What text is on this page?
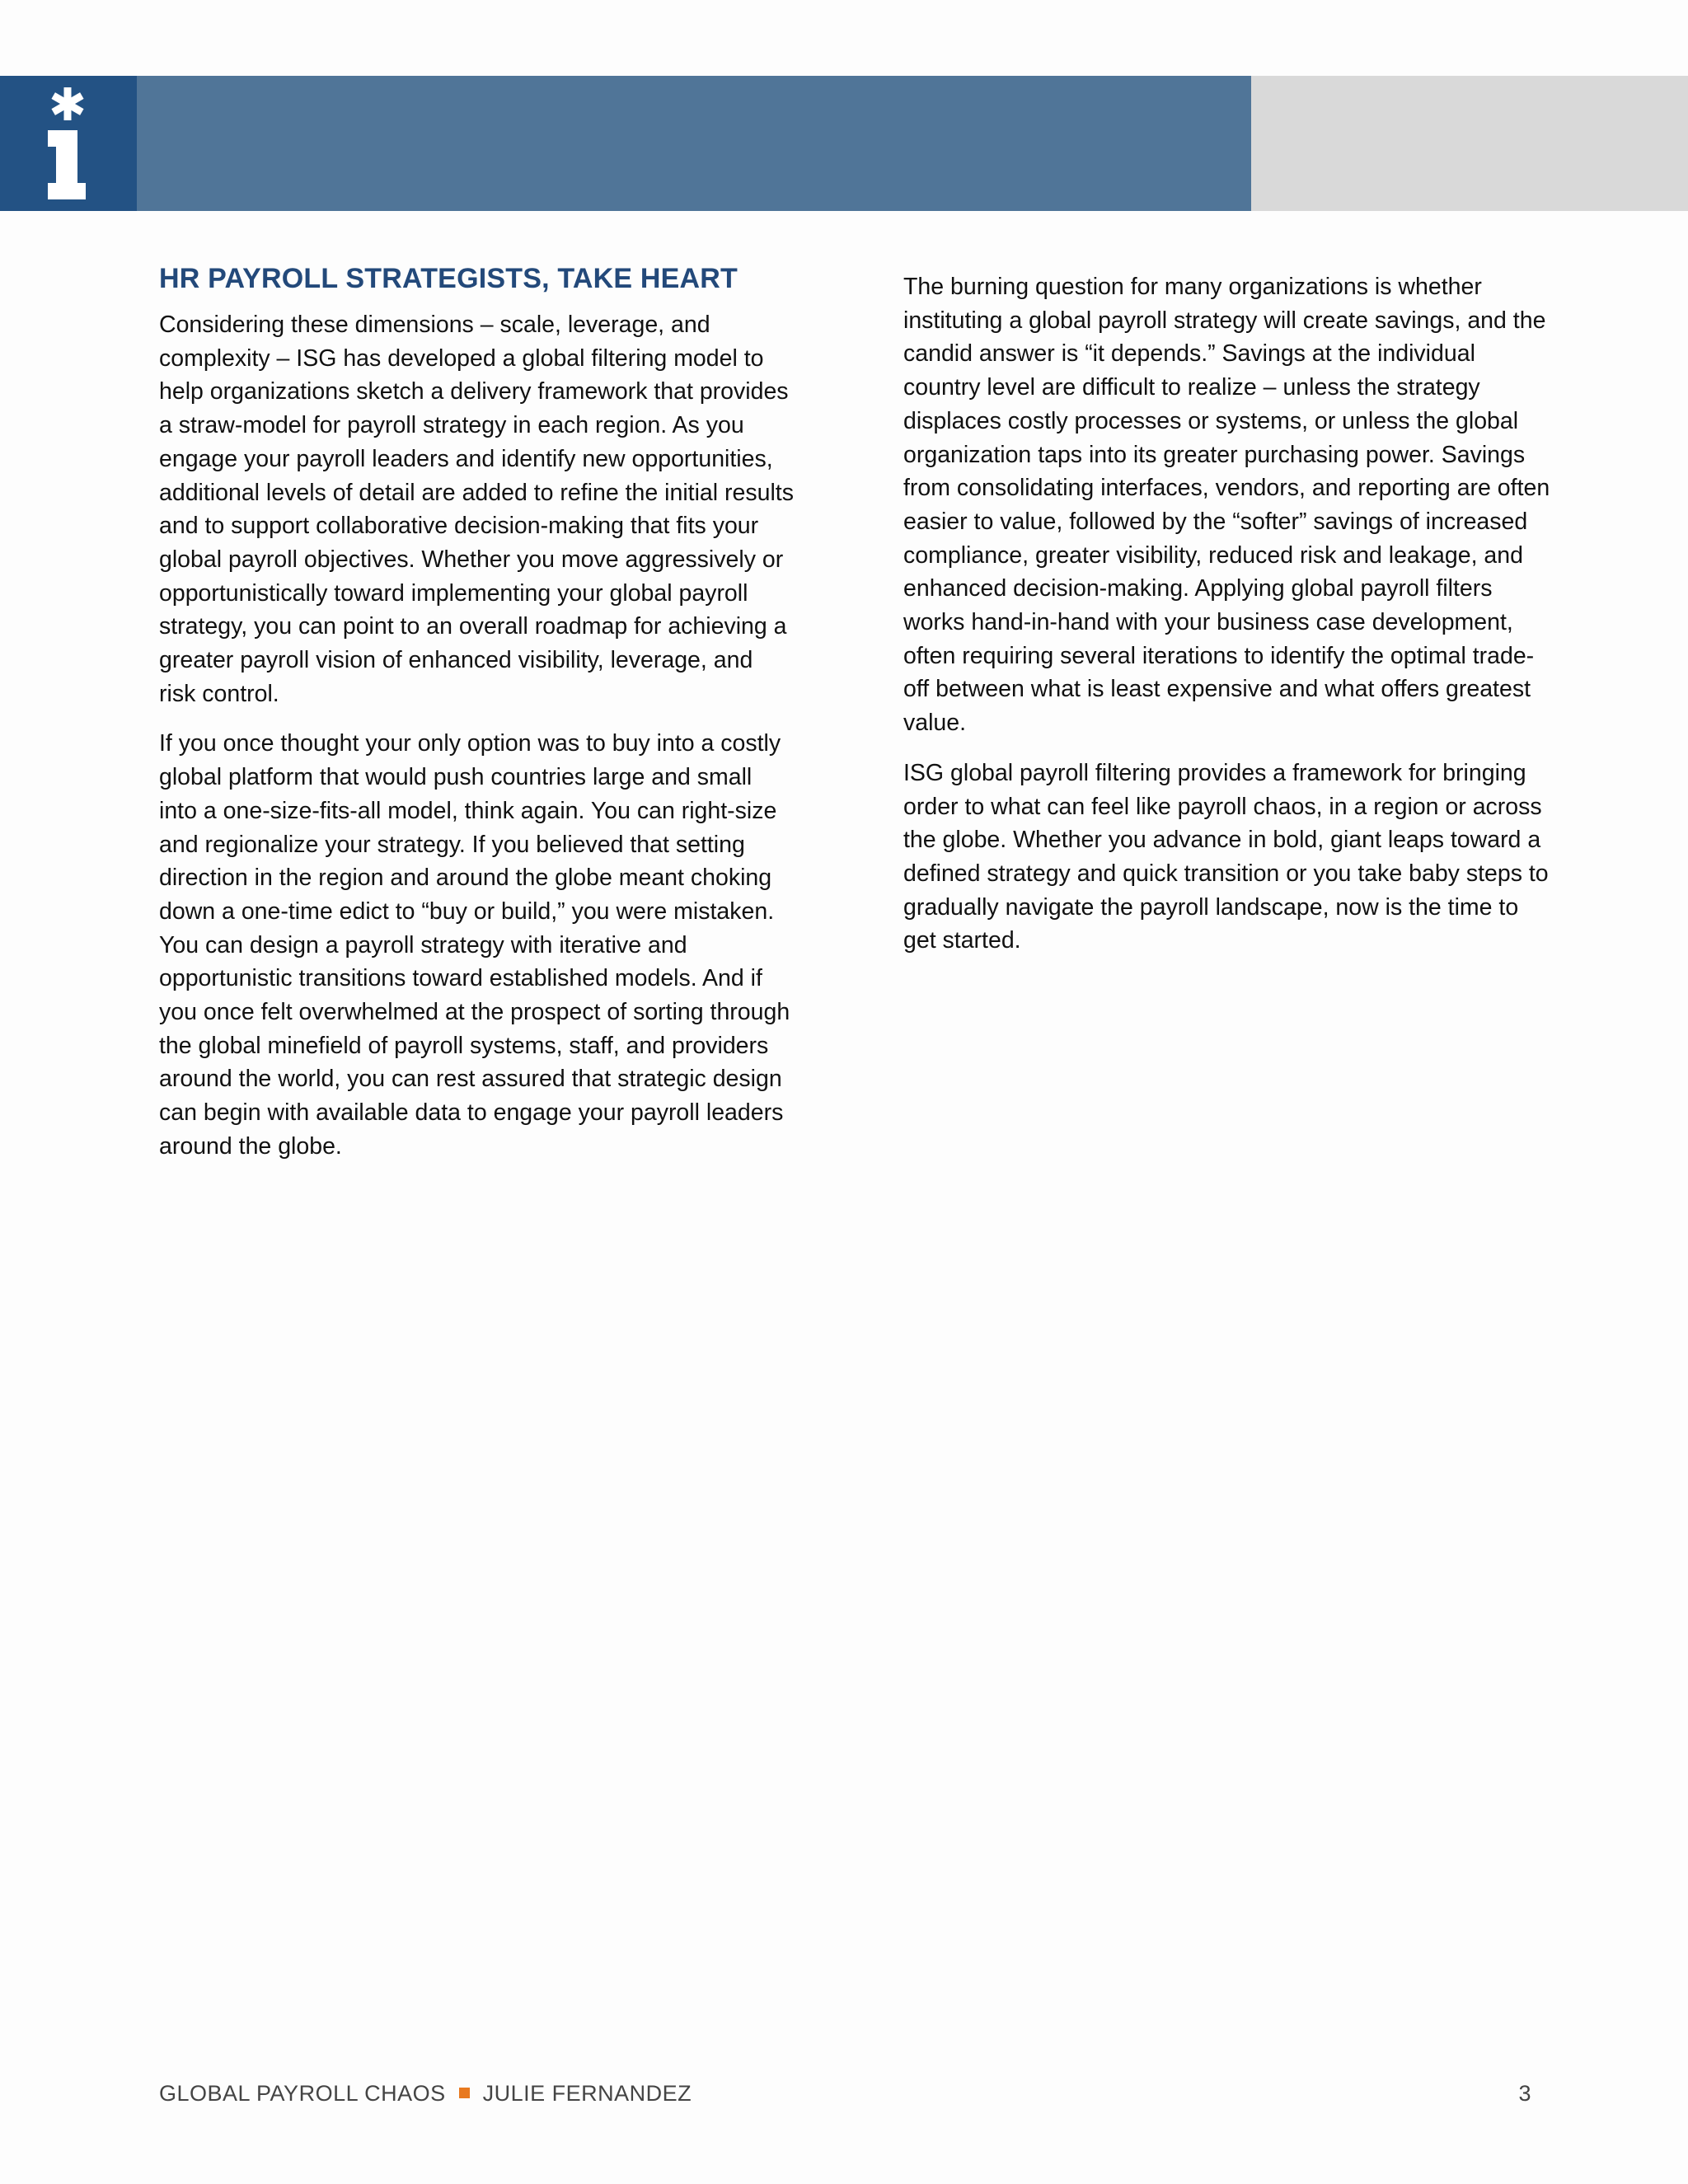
HR PAYROLL STRATEGISTS, TAKE HEART

Considering these dimensions – scale, leverage, and complexity – ISG has developed a global filtering model to help organizations sketch a delivery framework that provides a straw-model for payroll strategy in each region. As you engage your payroll leaders and identify new opportunities, additional levels of detail are added to refine the initial results and to support collaborative decision-making that fits your global payroll objectives. Whether you move aggressively or opportunistically toward implementing your global payroll strategy, you can point to an overall roadmap for achieving a greater payroll vision of enhanced visibility, leverage, and risk control.

If you once thought your only option was to buy into a costly global platform that would push countries large and small into a one-size-fits-all model, think again. You can right-size and regionalize your strategy. If you believed that setting direction in the region and around the globe meant choking down a one-time edict to “buy or build,” you were mistaken. You can design a payroll strategy with iterative and opportunistic transitions toward established models. And if you once felt overwhelmed at the prospect of sorting through the global minefield of payroll systems, staff, and providers around the world, you can rest assured that strategic design can begin with available data to engage your payroll leaders around the globe.

The burning question for many organizations is whether instituting a global payroll strategy will create savings, and the candid answer is “it depends.” Savings at the individual country level are difficult to realize – unless the strategy displaces costly processes or systems, or unless the global organization taps into its greater purchasing power. Savings from consolidating interfaces, vendors, and reporting are often easier to value, followed by the “softer” savings of increased compliance, greater visibility, reduced risk and leakage, and enhanced decision-making. Applying global payroll filters works hand-in-hand with your business case development, often requiring several iterations to identify the optimal trade-off between what is least expensive and what offers greatest value.

ISG global payroll filtering provides a framework for bringing order to what can feel like payroll chaos, in a region or across the globe. Whether you advance in bold, giant leaps toward a defined strategy and quick transition or you take baby steps to gradually navigate the payroll landscape, now is the time to get started.

GLOBAL PAYROLL CHAOS JULIE FERNANDEZ	3
